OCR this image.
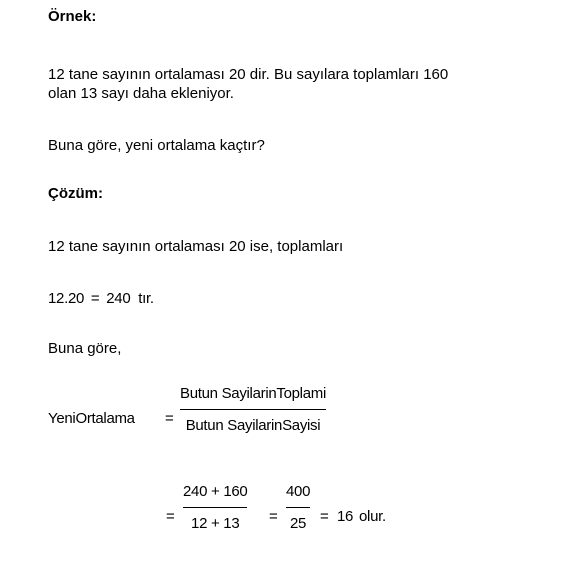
Örnek:
12 tane sayının ortalaması 20 dir. Bu sayılara toplamları 160
olan 13 sayı daha ekleniyor.
Buna göre, yeni ortalama kaçtır?
Çözüm:
12 tane sayının ortalaması 20 ise, toplamları
12.20 = 240 tır.
Buna göre,
YeniOrtalama =
Butun SayilarinToplami
Butun SayilarinSayisi
=
240 + 160
12 + 13 =
400
25 = 16 olur.
